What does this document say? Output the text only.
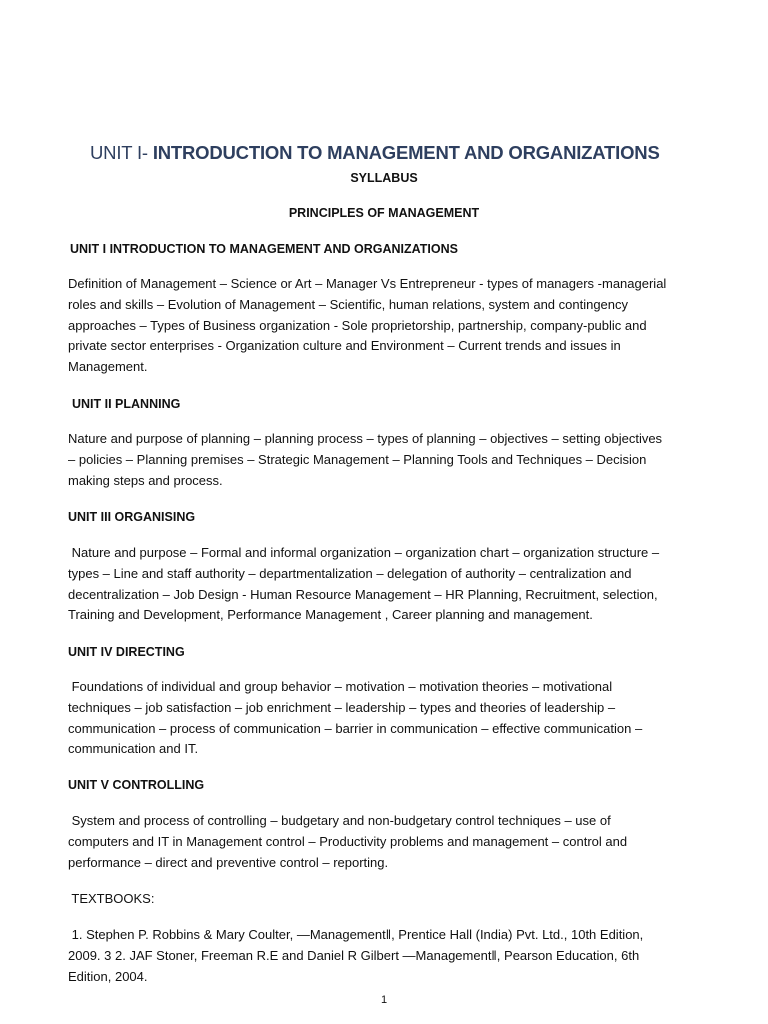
UNIT I- INTRODUCTION TO MANAGEMENT AND ORGANIZATIONS
SYLLABUS
PRINCIPLES OF MANAGEMENT
UNIT I INTRODUCTION TO MANAGEMENT AND ORGANIZATIONS
Definition of Management – Science or Art – Manager Vs Entrepreneur - types of managers -managerial
roles and skills – Evolution of Management – Scientific, human relations, system and contingency
approaches – Types of Business organization - Sole proprietorship, partnership, company-public and
private sector enterprises - Organization culture and Environment – Current trends and issues in
Management.
UNIT II PLANNING
Nature and purpose of planning – planning process – types of planning – objectives – setting objectives
– policies – Planning premises – Strategic Management – Planning Tools and Techniques – Decision
making steps and process.
UNIT III ORGANISING
Nature and purpose – Formal and informal organization – organization chart – organization structure –
types – Line and staff authority – departmentalization – delegation of authority – centralization and
decentralization – Job Design - Human Resource Management – HR Planning, Recruitment, selection,
Training and Development, Performance Management , Career planning and management.
UNIT IV DIRECTING
Foundations of individual and group behavior – motivation – motivation theories – motivational
techniques – job satisfaction – job enrichment – leadership – types and theories of leadership –
communication – process of communication – barrier in communication – effective communication –
communication and IT.
UNIT V CONTROLLING
System and process of controlling – budgetary and non-budgetary control techniques – use of
computers and IT in Management control – Productivity problems and management – control and
performance – direct and preventive control – reporting.
TEXTBOOKS:
1. Stephen P. Robbins & Mary Coulter, ―Management‖, Prentice Hall (India) Pvt. Ltd., 10th Edition,
2009. 3 2. JAF Stoner, Freeman R.E and Daniel R Gilbert ―Management‖, Pearson Education, 6th
Edition, 2004.
1
